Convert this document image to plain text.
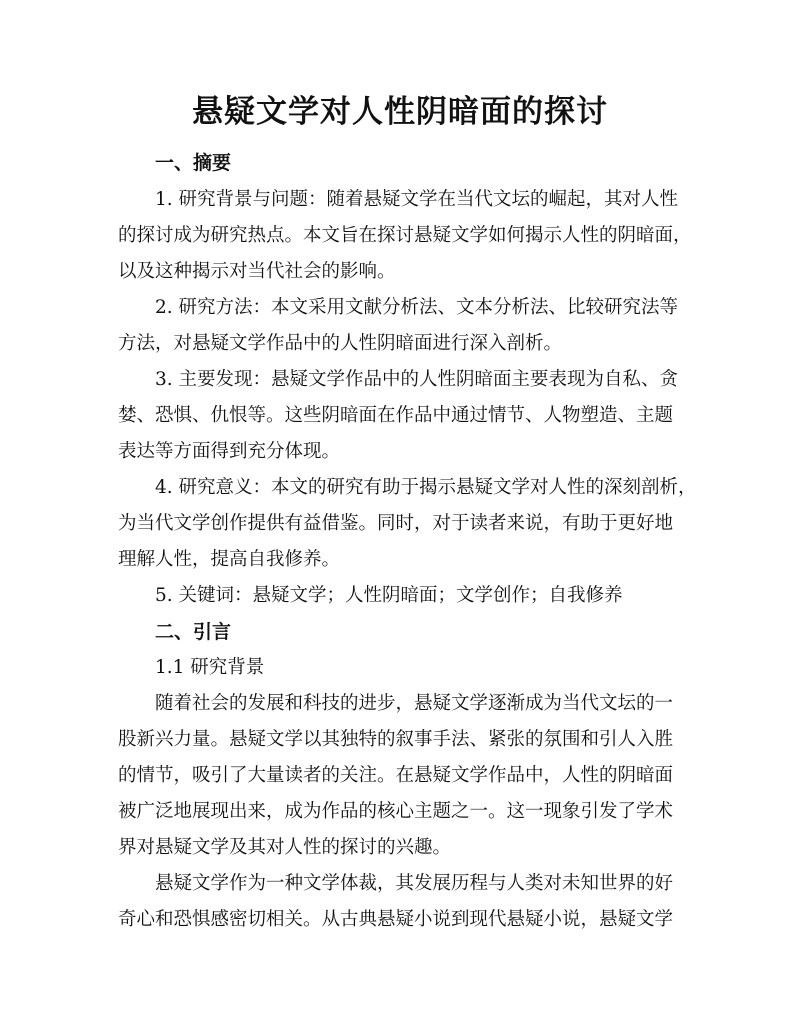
悬疑文学对人性阴暗面的探讨
一、摘要
1. 研究背景与问题：随着悬疑文学在当代文坛的崛起，其对人性
的探讨成为研究热点。本文旨在探讨悬疑文学如何揭示人性的阴暗面，
以及这种揭示对当代社会的影响。
2. 研究方法：本文采用文献分析法、文本分析法、比较研究法等
方法，对悬疑文学作品中的人性阴暗面进行深入剖析。
3. 主要发现：悬疑文学作品中的人性阴暗面主要表现为自私、贪
婪、恐惧、仇恨等。这些阴暗面在作品中通过情节、人物塑造、主题
表达等方面得到充分体现。
4. 研究意义：本文的研究有助于揭示悬疑文学对人性的深刻剖析，
为当代文学创作提供有益借鉴。同时，对于读者来说，有助于更好地
理解人性，提高自我修养。
5. 关键词：悬疑文学；人性阴暗面；文学创作；自我修养
二、引言
1.1 研究背景
随着社会的发展和科技的进步，悬疑文学逐渐成为当代文坛的一
股新兴力量。悬疑文学以其独特的叙事手法、紧张的氛围和引人入胜
的情节，吸引了大量读者的关注。在悬疑文学作品中，人性的阴暗面
被广泛地展现出来，成为作品的核心主题之一。这一现象引发了学术
界对悬疑文学及其对人性的探讨的兴趣。
悬疑文学作为一种文学体裁，其发展历程与人类对未知世界的好
奇心和恐惧感密切相关。从古典悬疑小说到现代悬疑小说，悬疑文学
